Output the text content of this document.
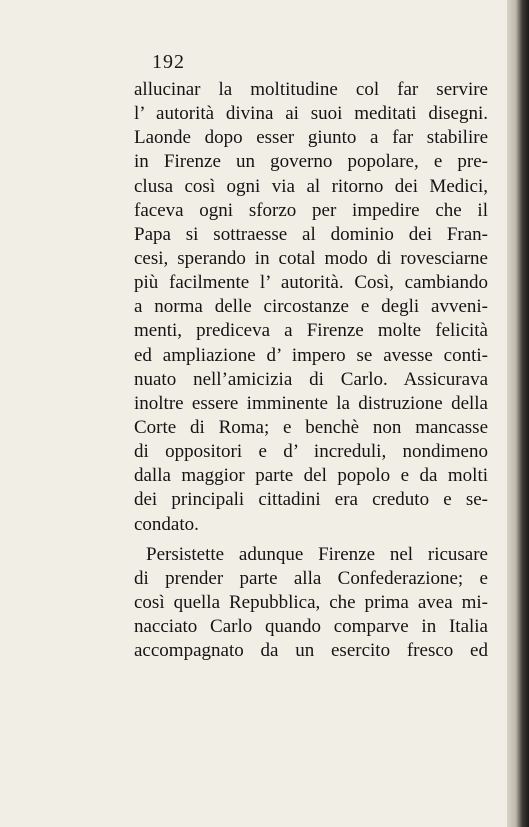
192
allucinar la moltitudine col far servire
l’ autorità divina ai suoi meditati disegni.
Laonde dopo esser giunto a far stabilire
in Firenze un governo popolare, e pre-
clusa così ogni via al ritorno dei Medici,
faceva ogni sforzo per impedire che il
Papa si sottraesse al dominio dei Fran-
cesi, sperando in cotal modo di rovesciarne
più facilmente l’ autorità. Così, cambiando
a norma delle circostanze e degli avveni-
menti, prediceva a Firenze molte felicità
ed ampliazione d’ impero se avesse conti-
nuato nell’amicizia di Carlo. Assicurava
inoltre essere imminente la distruzione della
Corte di Roma; e benchè non mancasse
di oppositori e d’ increduli, nondimeno
dalla maggior parte del popolo e da molti
dei principali cittadini era creduto e se-
condato.
Persistette adunque Firenze nel ricusare
di prender parte alla Confederazione; e
così quella Repubblica, che prima avea mi-
nacciato Carlo quando comparve in Italia
accompagnato da un esercito fresco ed
